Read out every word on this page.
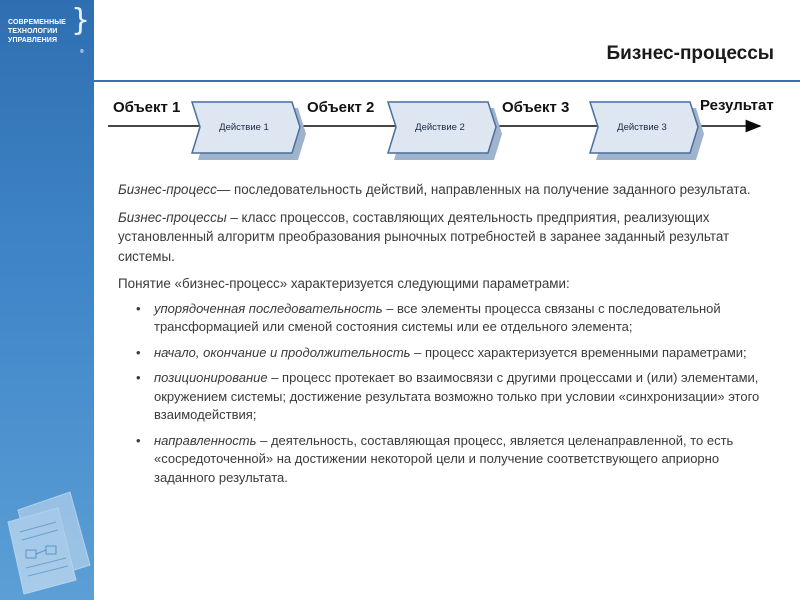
СОВРЕМЕННЫЕ
ТЕХНОЛОГИИ
УПРАВЛЕНИЯ
}
®	Бизнес-процессы
Действие 1	Действие 2	Действие 3
Объект 1	Объект 2	Объект 3	Результат

Бизнес-процесс— последовательность действий, направленных на получение заданного результата.

Бизнес-процессы – класс процессов, составляющих деятельность предприятия, реализующих установленный алгоритм преобразования рыночных потребностей в заранее заданный результат системы.

Понятие «бизнес-процесс» характеризуется следующими параметрами:

• упорядоченная последовательность – все элементы процесса связаны с последовательной трансформацией или сменой состояния системы или ее отдельного элемента;
• начало, окончание и продолжительность – процесс характеризуется временными параметрами;
• позиционирование – процесс протекает во взаимосвязи с другими процессами и (или) элементами, окружением системы; достижение результата возможно только при условии «синхронизации» этого взаимодействия;
• направленность – деятельность, составляющая процесс, является целенаправленной, то есть «сосредоточенной» на достижении некоторой цели и получение соответствующего априорно заданного результата.
